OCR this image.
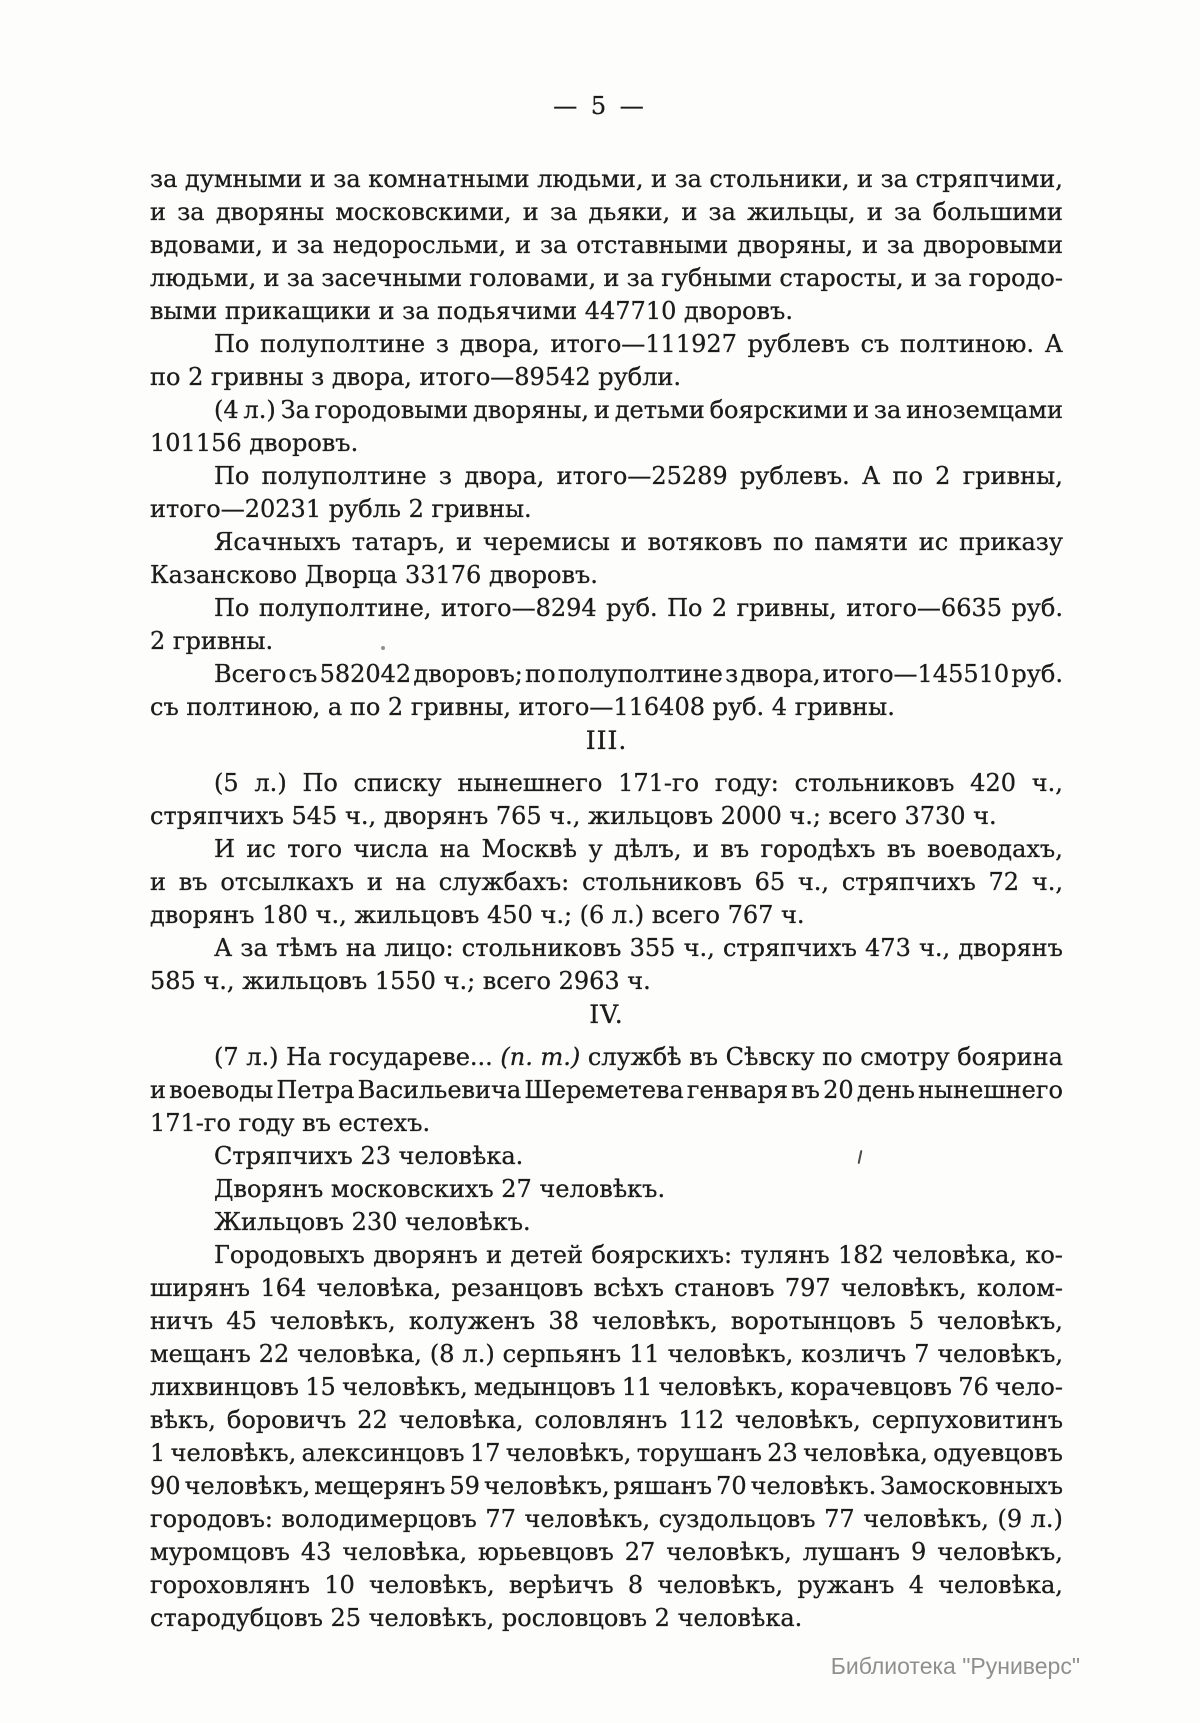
— 5 —
за думными и за комнатными людьми, и за стольники, и за стряпчими,
и за дворяны московскими, и за дьяки, и за жильцы, и за большими
вдовами, и за недоросльми, и за отставными дворяны, и за дворовыми
людьми, и за засечными головами, и за губными старосты, и за городо-
выми прикащики и за подьячими 447710 дворовъ.
По полуполтине з двора, итого—111927 рублевъ съ полтиною. А
по 2 гривны з двора, итого—89542 рубли.
(4 л.) За городовыми дворяны, и детьми боярскими и за иноземцами
101156 дворовъ.
По полуполтине з двора, итого—25289 рублевъ. А по 2 гривны,
итого—20231 рубль 2 гривны.
Ясачныхъ татаръ, и черемисы и вотяковъ по памяти ис приказу
Казансково Дворца 33176 дворовъ.
По полуполтине, итого—8294 руб. По 2 гривны, итого—6635 руб.
2 гривны.
Всего съ 582042 дворовъ; по полуполтине з двора, итого—145510 руб.
съ полтиною, а по 2 гривны, итого—116408 руб. 4 гривны.
III.
(5 л.) По списку нынешнего 171-го году: стольниковъ 420 ч.,
стряпчихъ 545 ч., дворянъ 765 ч., жильцовъ 2000 ч.; всего 3730 ч.
И ис того числа на Москвѣ у дѣлъ, и въ городѣхъ въ воеводахъ,
и въ отсылкахъ и на службахъ: стольниковъ 65 ч., стряпчихъ 72 ч.,
дворянъ 180 ч., жильцовъ 450 ч.; (6 л.) всего 767 ч.
А за тѣмъ на лицо: стольниковъ 355 ч., стряпчихъ 473 ч., дворянъ
585 ч., жильцовъ 1550 ч.; всего 2963 ч.
IV.
(7 л.) На государеве... (п. т.) службѣ въ Сѣвску по смотру боярина
и воеводы Петра Васильевича Шереметева генваря въ 20 день нынешнего
171-го году въ естехъ.
Стряпчихъ 23 человѣка.
Дворянъ московскихъ 27 человѣкъ.
Жильцовъ 230 человѣкъ.
Городовыхъ дворянъ и детей боярскихъ: тулянъ 182 человѣка, ко-
ширянъ 164 человѣка, резанцовъ всѣхъ становъ 797 человѣкъ, колом-
ничъ 45 человѣкъ, колуженъ 38 человѣкъ, воротынцовъ 5 человѣкъ,
мещанъ 22 человѣка, (8 л.) серпьянъ 11 человѣкъ, козличъ 7 человѣкъ,
лихвинцовъ 15 человѣкъ, медынцовъ 11 человѣкъ, корачевцовъ 76 чело-
вѣкъ, боровичъ 22 человѣка, соловлянъ 112 человѣкъ, серпуховитинъ
1 человѣкъ, алексинцовъ 17 человѣкъ, торушанъ 23 человѣка, одуевцовъ
90 человѣкъ, мещерянъ 59 человѣкъ, ряшанъ 70 человѣкъ. Замосковныхъ
городовъ: володимерцовъ 77 человѣкъ, суздольцовъ 77 человѣкъ, (9 л.)
муромцовъ 43 человѣка, юрьевцовъ 27 человѣкъ, лушанъ 9 человѣкъ,
гороховлянъ 10 человѣкъ, верѣичъ 8 человѣкъ, ружанъ 4 человѣка,
стародубцовъ 25 человѣкъ, рословцовъ 2 человѣка.
Библиотека "Руниверс"
